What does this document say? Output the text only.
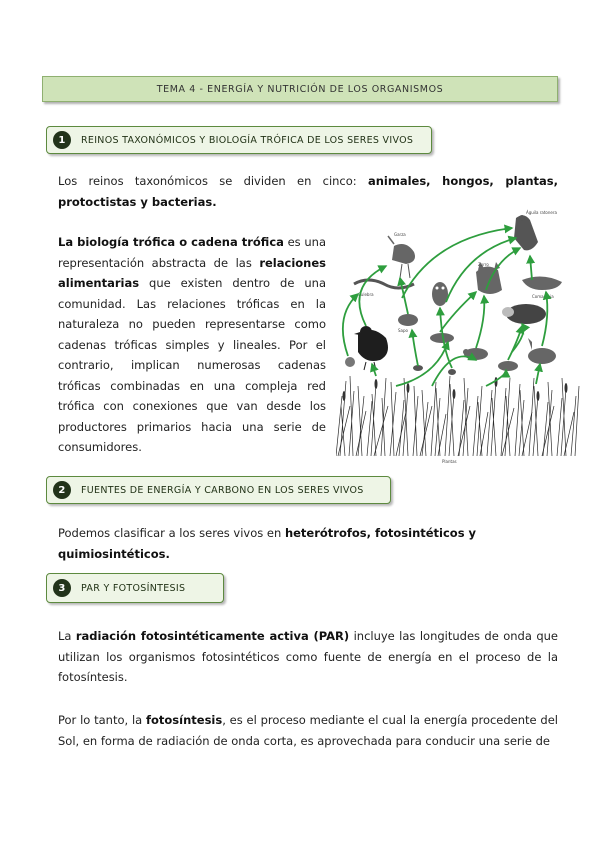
TEMA 4 - ENERGÍA Y NUTRICIÓN DE LOS ORGANISMOS
1	REINOS TAXONÓMICOS Y BIOLOGÍA TRÓFICA DE LOS SERES VIVOS
Los reinos taxonómicos se dividen en cinco: animales, hongos, plantas, protoctistas y bacterias.
La biología trófica o cadena trófica es una representación abstracta de las relaciones alimentarias que existen dentro de una comunidad. Las relaciones tróficas en la naturaleza no pueden representarse como cadenas tróficas simples y lineales. Por el contrario, implican numerosas cadenas tróficas combinadas en una compleja red trófica con conexiones que van desde los productores primarios hacia una serie de consumidores.
Águila ratonera
Garza
Culebra
Zorro
Comadreja
Sapo
Plantas
2	FUENTES DE ENERGÍA Y CARBONO EN LOS SERES VIVOS
Podemos clasificar a los seres vivos en heterótrofos, fotosintéticos y quimiosintéticos.
3	PAR Y FOTOSÍNTESIS
La radiación fotosintéticamente activa (PAR) incluye las longitudes de onda que utilizan los organismos fotosintéticos como fuente de energía en el proceso de la fotosíntesis.
Por lo tanto, la fotosíntesis, es el proceso mediante el cual la energía procedente del Sol, en forma de radiación de onda corta, es aprovechada para conducir una serie de
